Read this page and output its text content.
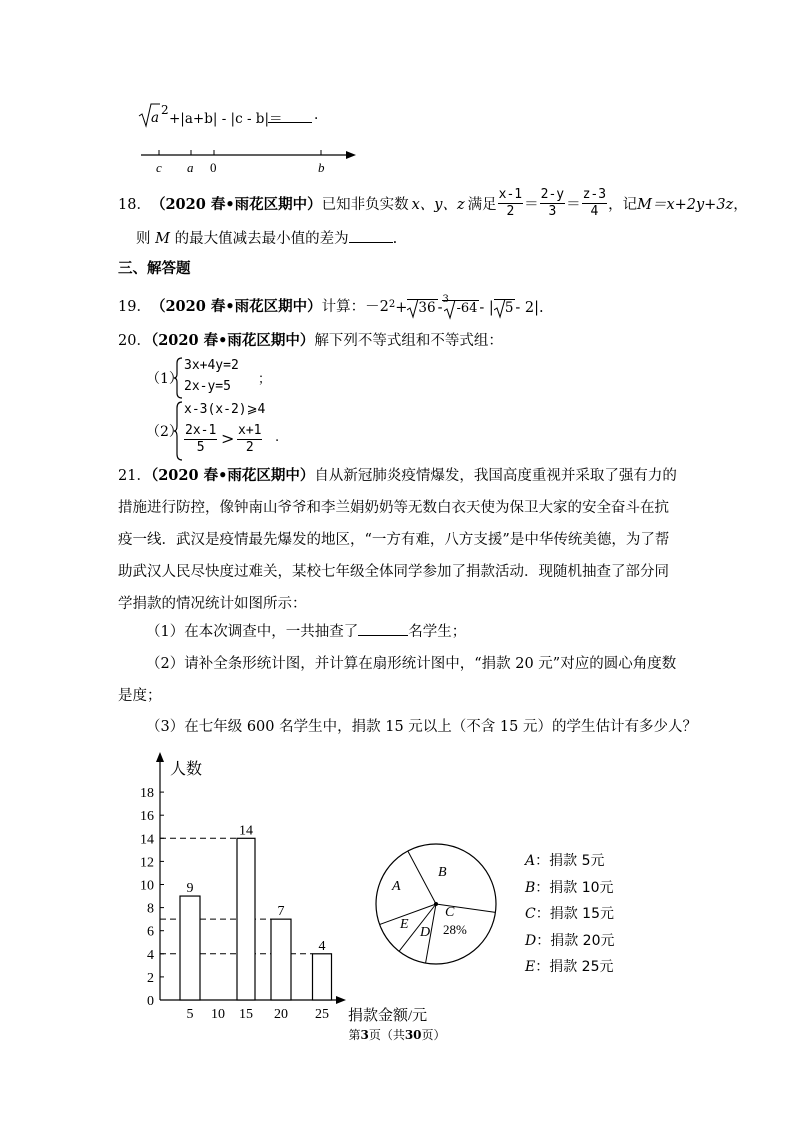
a 2
+|a+b| - |c - b|＝ .
c a 0	b
18． （2020 春•雨花区期中） 已知非负实数 x、y、z 满足 $\frac{x-1}{2} = \frac{2-y}{3} = \frac{z-3}{4}$ ，记 M＝x+2y+3z ，
则 M 的最大值减去最小值的差为	.
三、解答题
19． （2020 春•雨花区期中） 计算： $-2^2 + 36$ -
3
-64 - | 5 - 2|.
20．（2020 春•雨花区期中）解下列不等式组和不等式组：
（1）
3x+4y=2
2x-y=5 ；
（2）
x-3(x-2)⩾4
$\frac{2x-1}{5} > \frac{x+1}{2}$ .
21．（2020 春•雨花区期中）自从新冠肺炎疫情爆发，我国高度重视并采取了强有力的措施进行防控，像钟南山爷爷和李兰娟奶奶等无数白衣天使为保卫大家的安全奋斗在抗疫一线．武汉是疫情最先爆发的地区，“一方有难，八方支援”是中华传统美德，为了帮助武汉人民尽快度过难关，某校七年级全体同学参加了捐款活动．现随机抽查了部分同学捐款的情况统计如图所示：
（1）在本次调查中，一共抽查了	名学生；
（2）请补全条形统计图，并计算在扇形统计图中，“捐款 20 元”对应的圆心角度数是度；
（3）在七年级 600 名学生中，捐款 15 元以上（不含 15 元）的学生估计有多少人？
0
2
4
6
8
10
12
14
16
18
5 10 15 20 25
9
14
7
4
人数
捐款金额/元
A
B
C
D
E	28%
A：捐款 5元
B：捐款 10元
C：捐款 15元
D：捐款 20元
E：捐款 25元
第3页（共30页）
